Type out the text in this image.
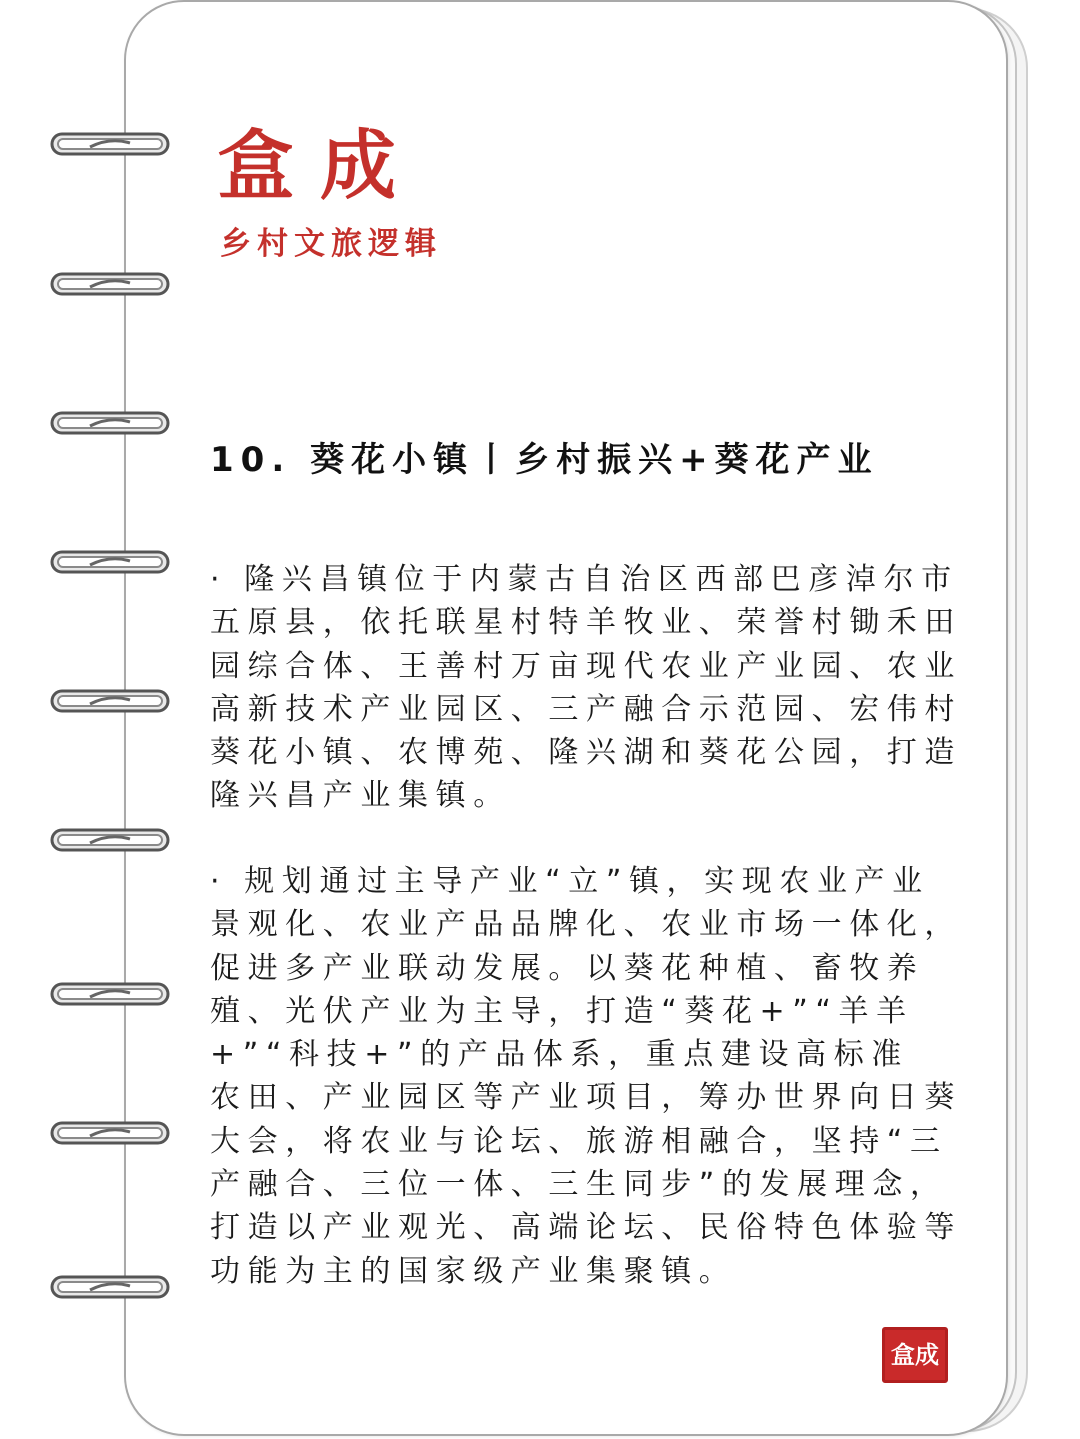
盒成
乡村文旅逻辑
10. 葵花小镇丨乡村振兴+葵花产业
· 隆兴昌镇位于内蒙古自治区西部巴彦淖尔市
五原县，依托联星村特羊牧业、荣誉村锄禾田
园综合体、王善村万亩现代农业产业园、农业
高新技术产业园区、三产融合示范园、宏伟村
葵花小镇、农博苑、隆兴湖和葵花公园，打造
隆兴昌产业集镇。
· 规划通过主导产业“立”镇，实现农业产业
景观化、农业产品品牌化、农业市场一体化，
促进多产业联动发展。以葵花种植、畜牧养
殖、光伏产业为主导，打造“葵花+”“羊羊
+”“科技+”的产品体系，重点建设高标准
农田、产业园区等产业项目，筹办世界向日葵
大会，将农业与论坛、旅游相融合，坚持“三
产融合、三位一体、三生同步”的发展理念，
打造以产业观光、高端论坛、民俗特色体验等
功能为主的国家级产业集聚镇。
盒成
